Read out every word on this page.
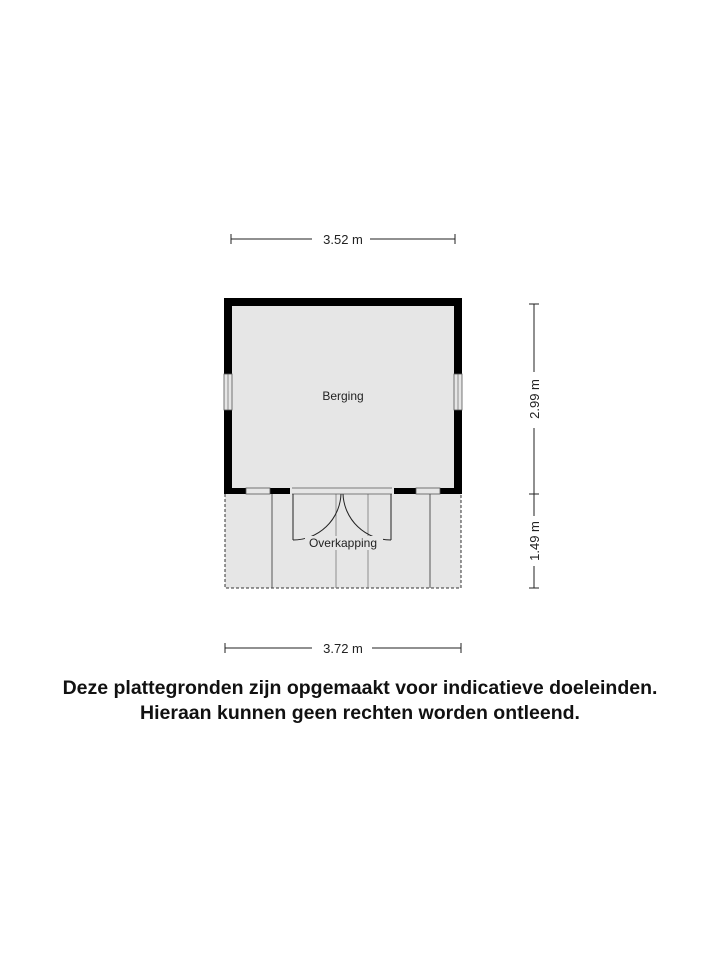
3.52 m
Berging
Overkapping
2.99 m
1.49 m
3.72 m
Deze plattegronden zijn opgemaakt voor indicatieve doeleinden.
Hieraan kunnen geen rechten worden ontleend.
